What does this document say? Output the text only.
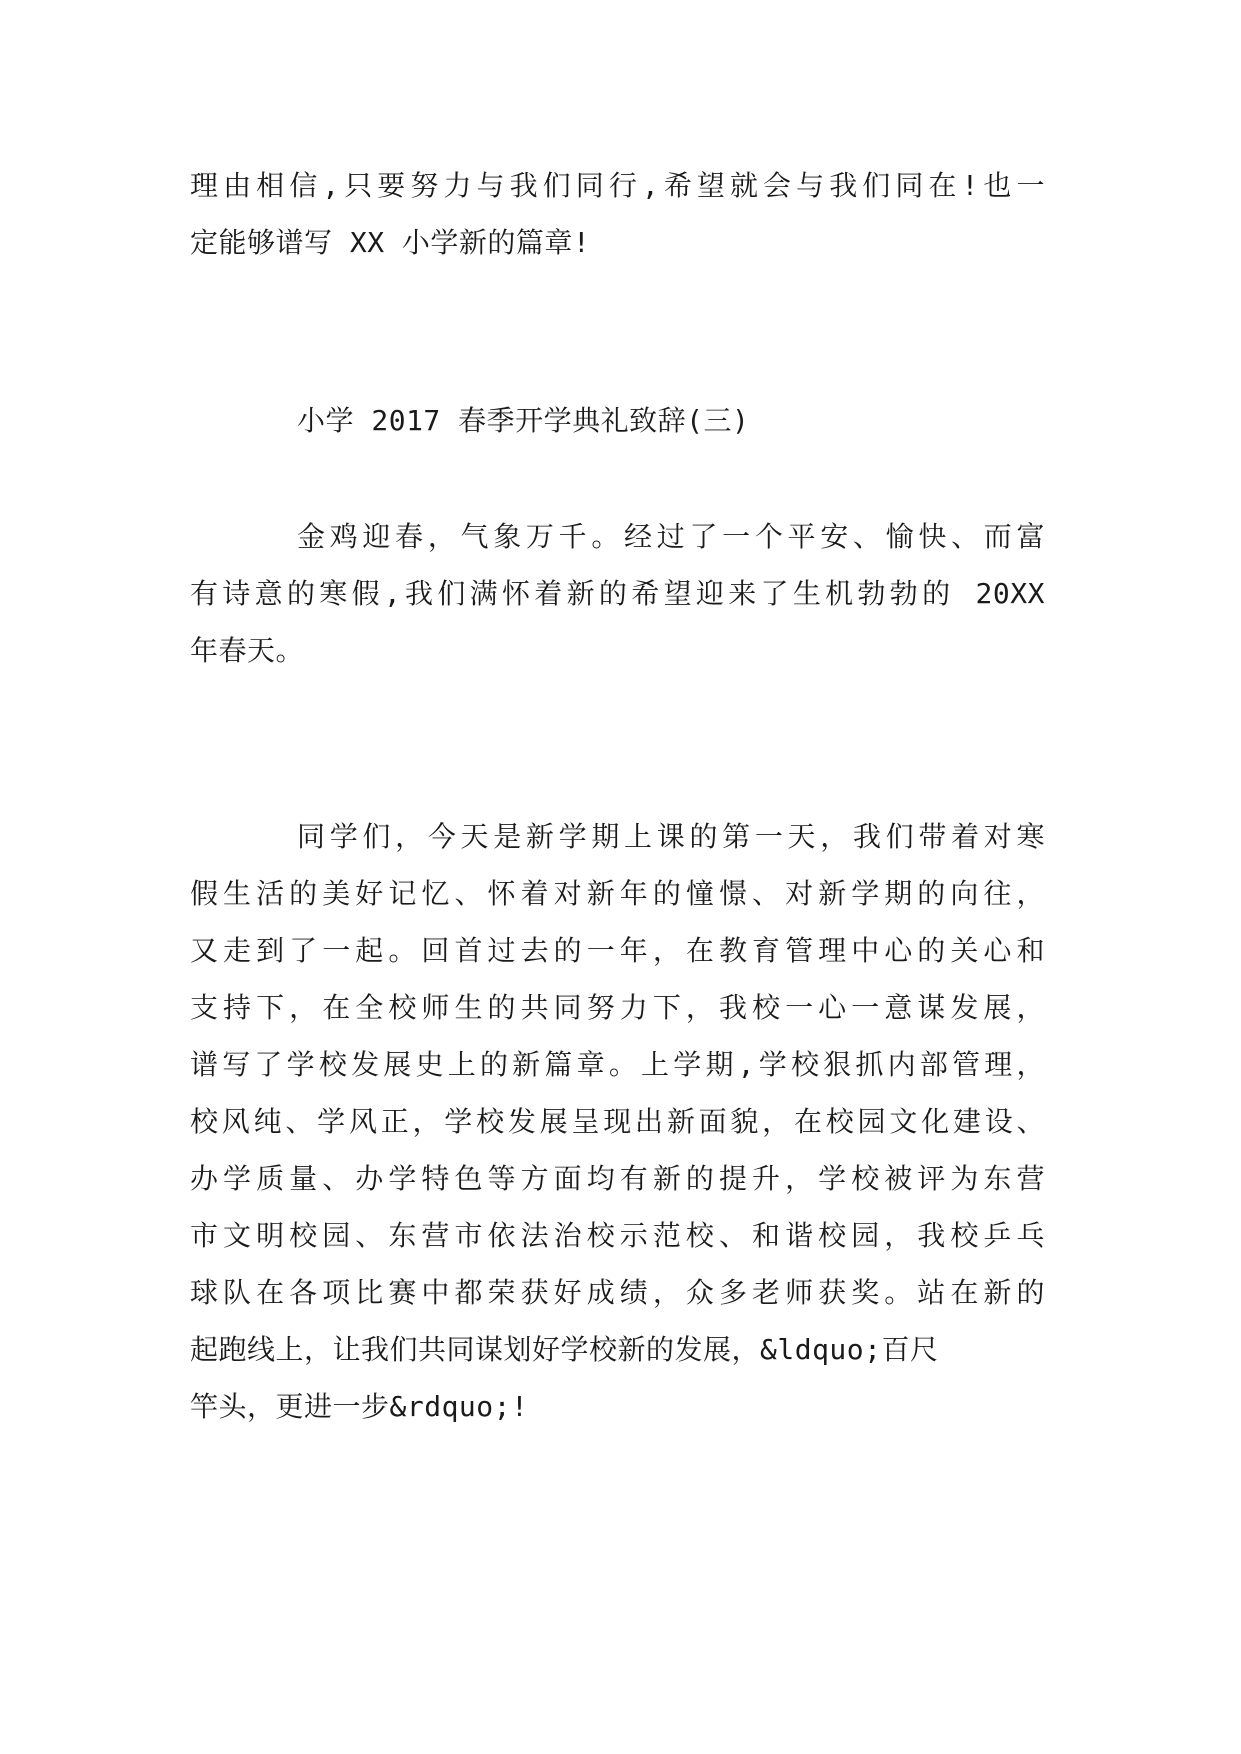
理由相信,只要努力与我们同行,希望就会与我们同在!也一
定能够谱写 XX 小学新的篇章!
小学 2017 春季开学典礼致辞(三)
金鸡迎春，气象万千。经过了一个平安、愉快、而富
有诗意的寒假,我们满怀着新的希望迎来了生机勃勃的 20XX
年春天。
同学们，今天是新学期上课的第一天，我们带着对寒
假生活的美好记忆、怀着对新年的憧憬、对新学期的向往，
又走到了一起。回首过去的一年，在教育管理中心的关心和
支持下，在全校师生的共同努力下，我校一心一意谋发展，
谱写了学校发展史上的新篇章。上学期,学校狠抓内部管理，
校风纯、学风正，学校发展呈现出新面貌，在校园文化建设、
办学质量、办学特色等方面均有新的提升，学校被评为东营
市文明校园、东营市依法治校示范校、和谐校园，我校乒乓
球队在各项比赛中都荣获好成绩，众多老师获奖。站在新的
起跑线上，让我们共同谋划好学校新的发展，&ldquo;百尺
竿头，更进一步&rdquo;!
